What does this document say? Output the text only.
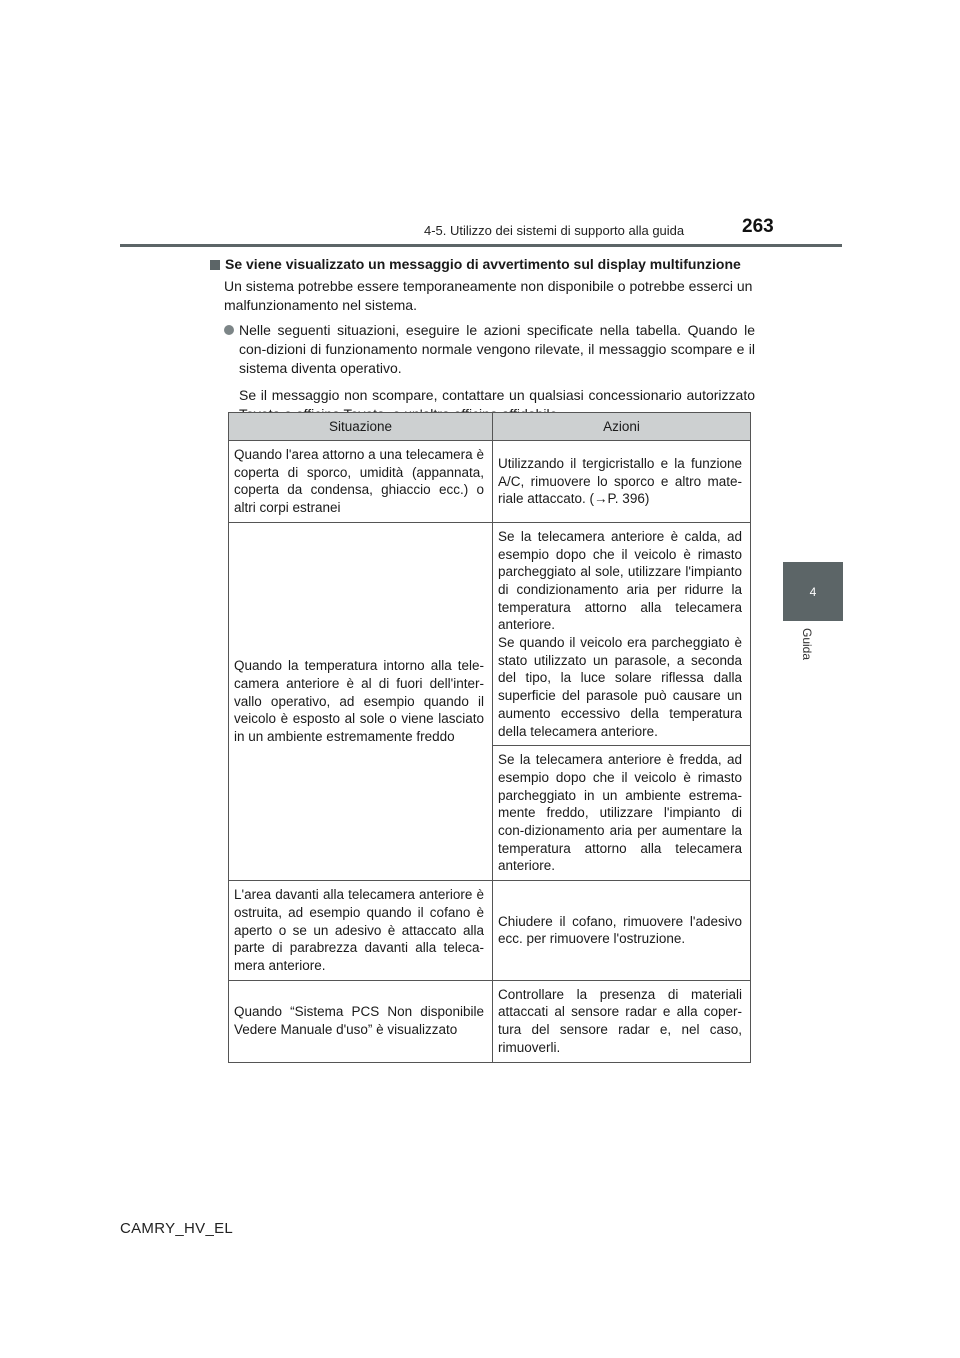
4-5. Utilizzo dei sistemi di supporto alla guida	263
4
Guida

Se viene visualizzato un messaggio di avvertimento sul display multifunzione

Un sistema potrebbe essere temporaneamente non disponibile o potrebbe esserci un malfunzionamento nel sistema.

Nelle seguenti situazioni, eseguire le azioni specificate nella tabella. Quando le con-dizioni di funzionamento normale vengono rilevate, il messaggio scompare e il sistema diventa operativo.

Se il messaggio non scompare, contattare un qualsiasi concessionario autorizzato

Situazione	Azioni
Quando l'area attorno a una telecamera è coperta di sporco, umidità (appannata, coperta da condensa, ghiaccio ecc.) o altri corpi estranei	Utilizzando il tergicristallo e la funzione A/C, rimuovere lo sporco e altro mate-riale attaccato. (→P. 396)
Quando la temperatura intorno alla tele-camera anteriore è al di fuori dell'inter-vallo operativo, ad esempio quando il veicolo è esposto al sole o viene lasciato in un ambiente estremamente freddo	Se la telecamera anteriore è calda, ad esempio dopo che il veicolo è rimasto parcheggiato al sole, utilizzare l'impianto di condizionamento aria per ridurre la temperatura attorno alla telecamera anteriore.
Se quando il veicolo era parcheggiato è stato utilizzato un parasole, a seconda del tipo, la luce solare riflessa dalla superficie del parasole può causare un aumento eccessivo della temperatura della telecamera anteriore.

	Se la telecamera anteriore è fredda, ad esempio dopo che il veicolo è rimasto parcheggiato in un ambiente estrema-mente freddo, utilizzare l'impianto di con-dizionamento aria per aumentare la temperatura attorno alla telecamera anteriore.
L'area davanti alla telecamera anteriore è ostruita, ad esempio quando il cofano è aperto o se un adesivo è attaccato alla parte di parabrezza davanti alla teleca-mera anteriore.	Chiudere il cofano, rimuovere l'adesivo ecc. per rimuovere l'ostruzione.
Quando “Sistema PCS Non disponibile Vedere Manuale d'uso” è visualizzato	Controllare la presenza di materiali attaccati al sensore radar e alla coper-tura del sensore radar e, nel caso, rimuoverli.
CAMRY_HV_EL
